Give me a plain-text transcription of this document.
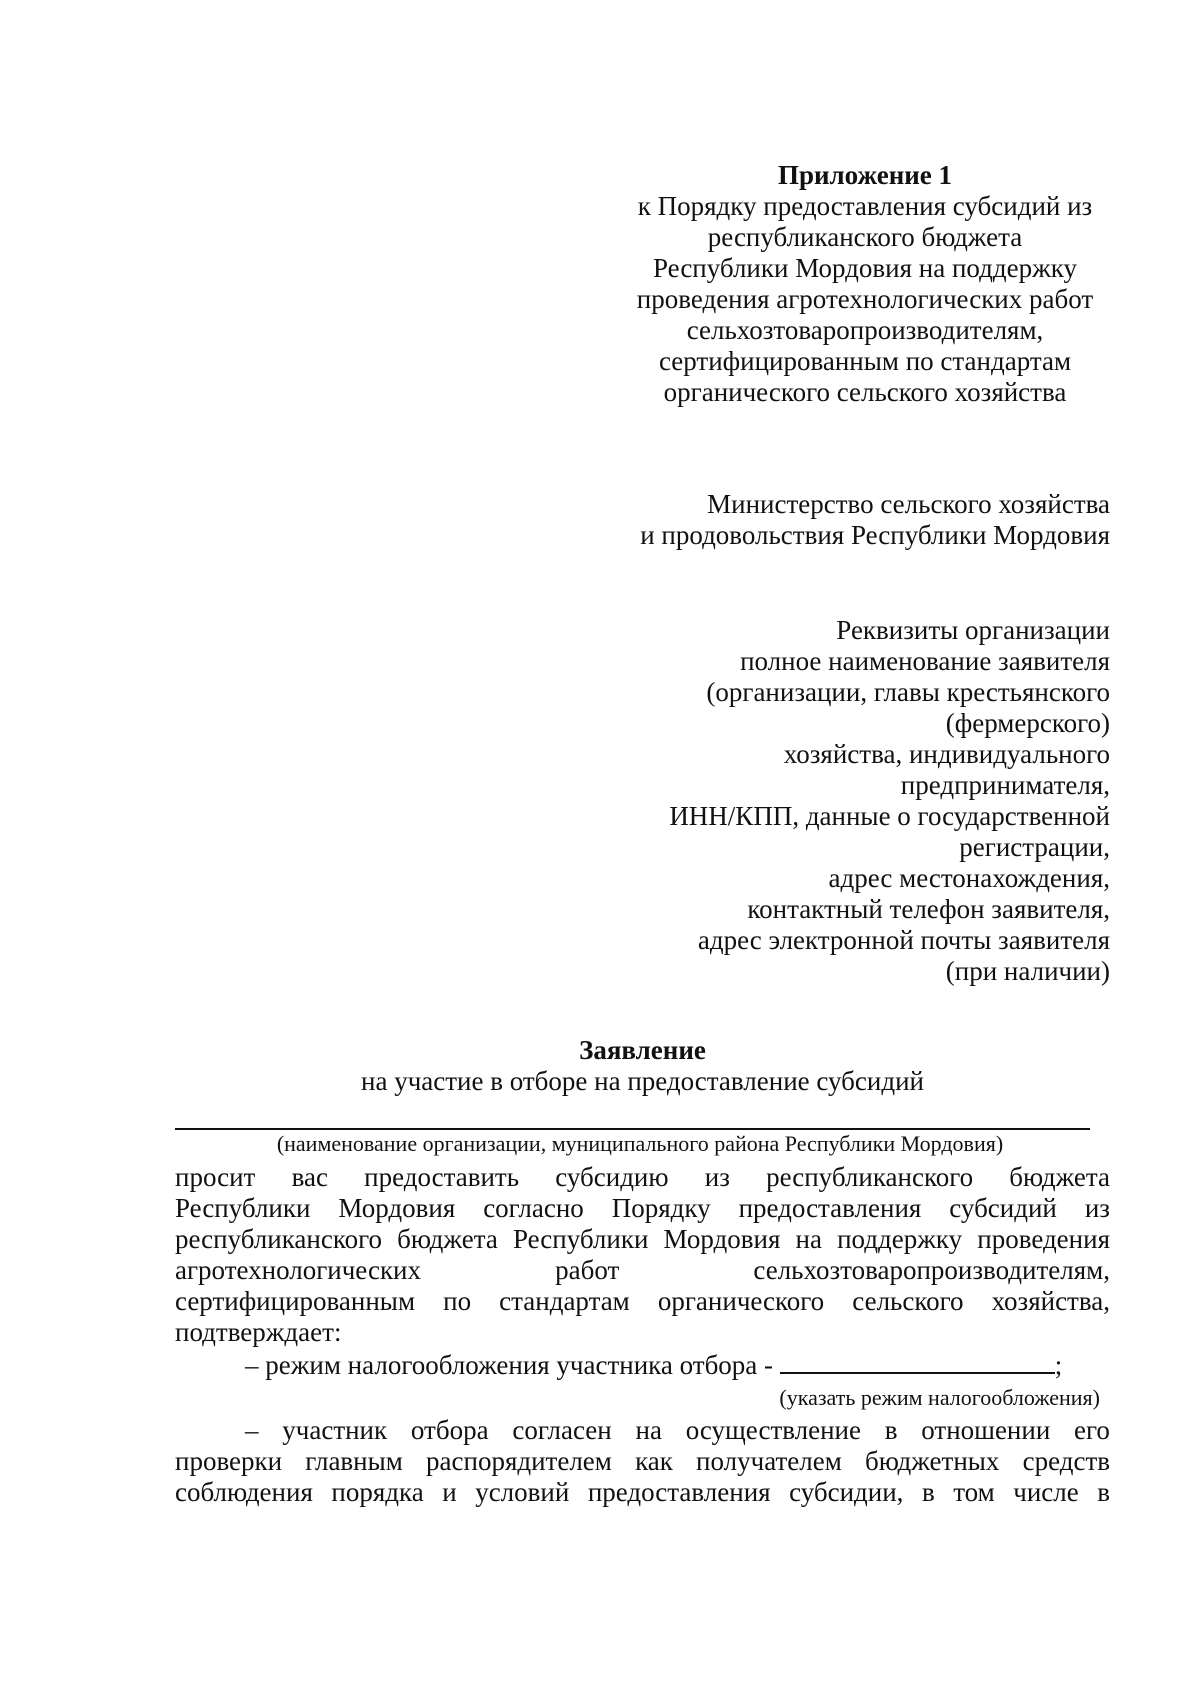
Приложение 1
к Порядку предоставления субсидий из
республиканского бюджета
Республики Мордовия на поддержку
проведения агротехнологических работ
сельхозтоваропроизводителям,
сертифицированным по стандартам
органического сельского хозяйства
Министерство сельского хозяйства
и продовольствия Республики Мордовия
Реквизиты организации
полное наименование заявителя
(организации, главы крестьянского
(фермерского)
хозяйства, индивидуального
предпринимателя,
ИНН/КПП, данные о государственной
регистрации,
адрес местонахождения,
контактный телефон заявителя,
адрес электронной почты заявителя
(при наличии)
Заявление
на участие в отборе на предоставление субсидий
(наименование организации, муниципального района Республики Мордовия)
просит вас предоставить субсидию из республиканского бюджета
Республики Мордовия согласно Порядку предоставления субсидий из
республиканского бюджета Республики Мордовия на поддержку проведения
агротехнологических	работ	сельхозтоваропроизводителям,
сертифицированным по стандартам органического сельского хозяйства,
подтверждает:
– режим налогообложения участника отбора -	;
(указать режим налогообложения)
– участник отбора согласен на осуществление в отношении его
проверки главным распорядителем как получателем бюджетных средств
соблюдения порядка и условий предоставления субсидии, в том числе в
